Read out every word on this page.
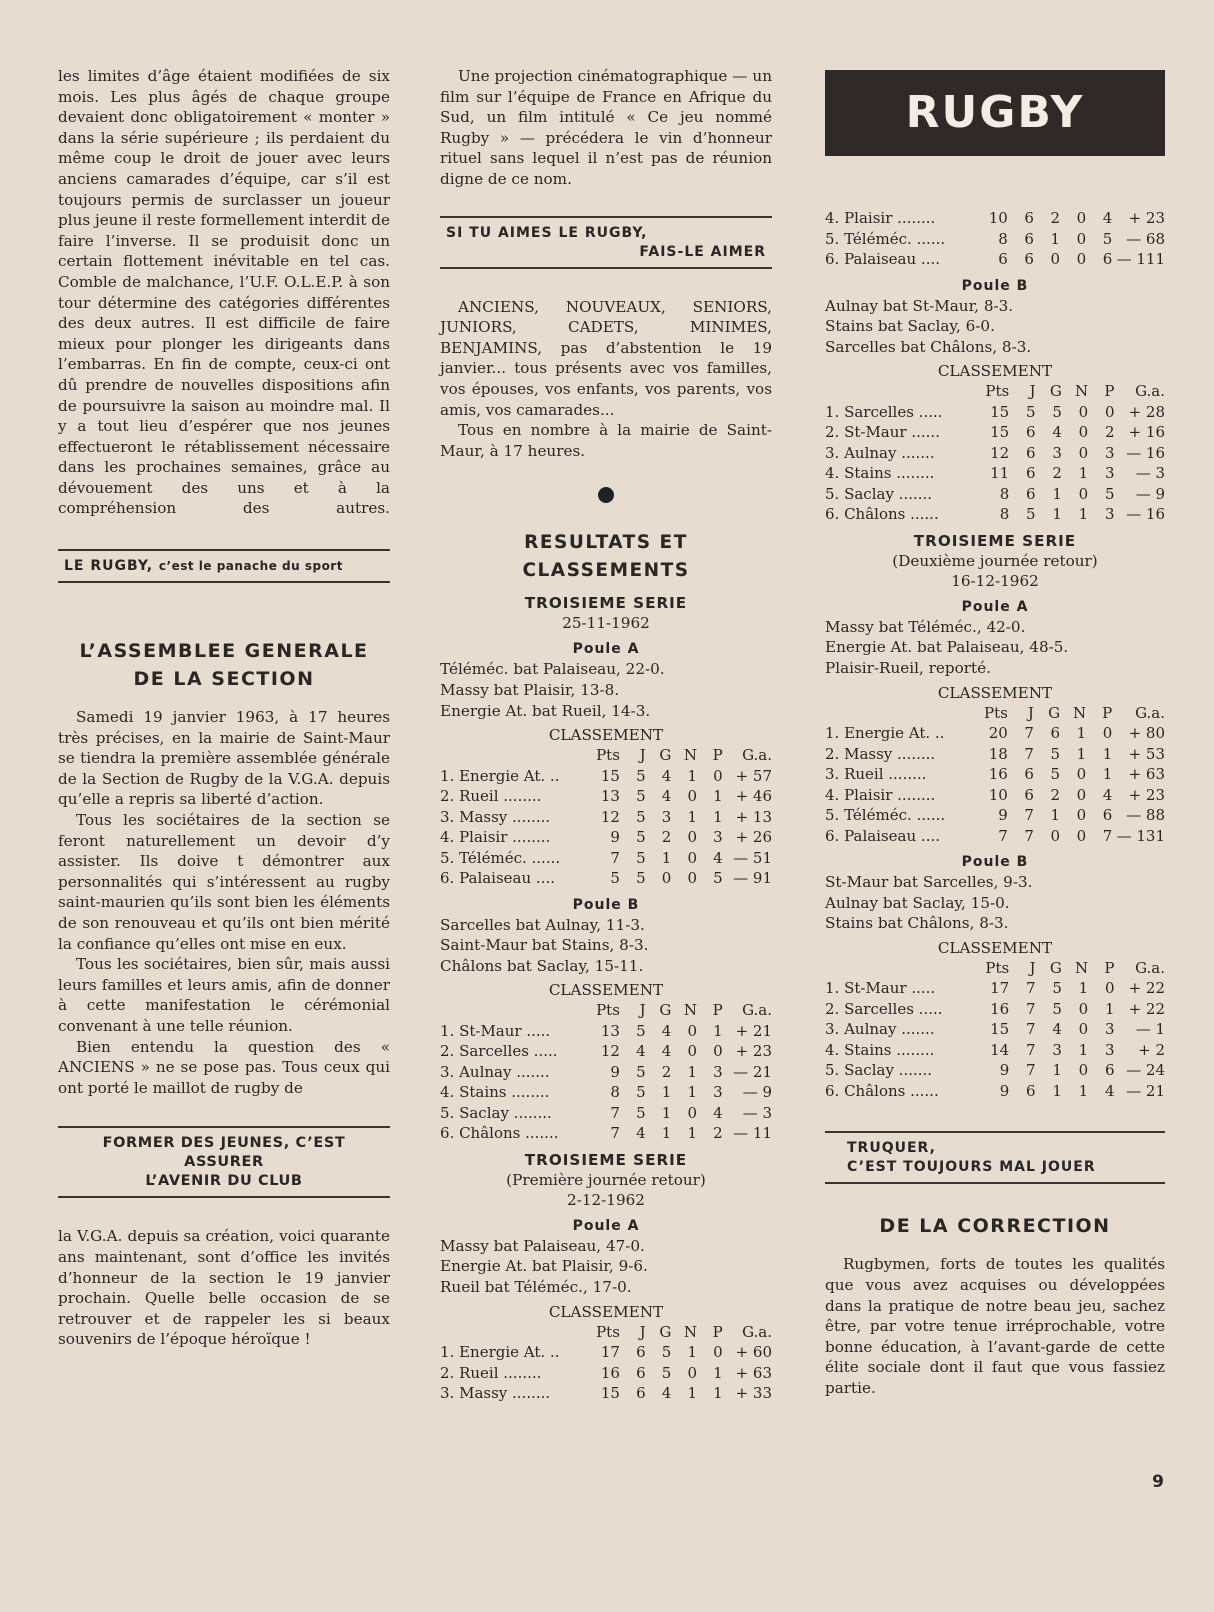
les limites d’âge étaient modifiées de six mois. Les plus âgés de chaque groupe devaient donc obligatoirement « monter » dans la série supérieure ; ils perdaient du même coup le droit de jouer avec leurs anciens camarades d’équipe, car s’il est toujours permis de surclasser un joueur plus jeune il reste formellement interdit de faire l’inverse. Il se produisit donc un certain flottement inévitable en tel cas. Comble de malchance, l’U.F. O.L.E.P. à son tour détermine des catégories différentes des deux autres. Il est difficile de faire mieux pour plonger les dirigeants dans l’embarras. En fin de compte, ceux-ci ont dû prendre de nouvelles dispositions afin de poursuivre la saison au moindre mal. Il y a tout lieu d’espérer que nos jeunes effectueront le rétablissement nécessaire dans les prochaines semaines, grâce au dévouement des uns et à la compréhension des autres.

LE RUGBY, c’est le panache du sport
L’ASSEMBLEE GENERALE
DE LA SECTION

Samedi 19 janvier 1963, à 17 heures très précises, en la mairie de Saint-Maur se tiendra la première assemblée générale de la Section de Rugby de la V.G.A. depuis qu’elle a repris sa liberté d’action.

Tous les sociétaires de la section se feront naturellement un devoir d’y assister. Ils doive t démontrer aux personnalités qui s’intéressent au rugby saint-maurien qu’ils sont bien les éléments de son renouveau et qu’ils ont bien mérité la confiance qu’elles ont mise en eux.

Tous les sociétaires, bien sûr, mais aussi leurs familles et leurs amis, afin de donner à cette manifestation le cérémonial convenant à une telle réunion.

Bien entendu la question des « ANCIENS » ne se pose pas. Tous ceux qui ont porté le maillot de rugby de

FORMER DES JEUNES, C’EST ASSURER
L’AVENIR DU CLUB

la V.G.A. depuis sa création, voici quarante ans maintenant, sont d’office les invités d’honneur de la section le 19 janvier prochain. Quelle belle occasion de se retrouver et de rappeler les si beaux souvenirs de l’époque héroïque !

Une projection cinématographique — un film sur l’équipe de France en Afrique du Sud, un film intitulé « Ce jeu nommé Rugby » — précédera le vin d’honneur rituel sans lequel il n’est pas de réunion digne de ce nom.

SI TU AIMES LE RUGBY,
FAIS-LE AIMER

ANCIENS, NOUVEAUX, SENIORS, JUNIORS, CADETS, MINIMES, BENJAMINS, pas d’abstention le 19 janvier... tous présents avec vos familles, vos épouses, vos enfants, vos parents, vos amis, vos camarades...

Tous en nombre à la mairie de Saint-Maur, à 17 heures.

RESULTATS ET CLASSEMENTS
TROISIEME SERIE
25-11-1962
Poule A
Téléméc. bat Palaiseau, 22-0.
Massy bat Plaisir, 13-8.
Energie At. bat Rueil, 14-3.
CLASSEMENT
	Pts	J	G	N	P	G.a.
1. Energie At. ..	15	5	4	1	0	+ 57
2. Rueil ........	13	5	4	0	1	+ 46
3. Massy ........	12	5	3	1	1	+ 13
4. Plaisir ........	9	5	2	0	3	+ 26
5. Téléméc. ......	7	5	1	0	4	— 51
6. Palaiseau ....	5	5	0	0	5	— 91
Poule B
Sarcelles bat Aulnay, 11-3.
Saint-Maur bat Stains, 8-3.
Châlons bat Saclay, 15-11.
CLASSEMENT
	Pts	J	G	N	P	G.a.
1. St-Maur .....	13	5	4	0	1	+ 21
2. Sarcelles .....	12	4	4	0	0	+ 23
3. Aulnay .......	9	5	2	1	3	— 21
4. Stains ........	8	5	1	1	3	— 9
5. Saclay ........	7	5	1	0	4	— 3
6. Châlons .......	7	4	1	1	2	— 11
TROISIEME SERIE
(Première journée retour)
2-12-1962
Poule A
Massy bat Palaiseau, 47-0.
Energie At. bat Plaisir, 9-6.
Rueil bat Téléméc., 17-0.
CLASSEMENT
	Pts	J	G	N	P	G.a.
1. Energie At. ..	17	6	5	1	0	+ 60
2. Rueil ........	16	6	5	0	1	+ 63
3. Massy ........	15	6	4	1	1	+ 33
RUGBY
4. Plaisir ........	10	6	2	0	4	+ 23
5. Téléméc. ......	8	6	1	0	5	— 68
6. Palaiseau ....	6	6	0	0	6	— 111
Poule B
Aulnay bat St-Maur, 8-3.
Stains bat Saclay, 6-0.
Sarcelles bat Châlons, 8-3.
CLASSEMENT
	Pts	J	G	N	P	G.a.
1. Sarcelles .....	15	5	5	0	0	+ 28
2. St-Maur ......	15	6	4	0	2	+ 16
3. Aulnay .......	12	6	3	0	3	— 16
4. Stains ........	11	6	2	1	3	— 3
5. Saclay .......	8	6	1	0	5	— 9
6. Châlons ......	8	5	1	1	3	— 16
TROISIEME SERIE
(Deuxième journée retour)
16-12-1962
Poule A
Massy bat Téléméc., 42-0.
Energie At. bat Palaiseau, 48-5.
Plaisir-Rueil, reporté.
CLASSEMENT
	Pts	J	G	N	P	G.a.
1. Energie At. ..	20	7	6	1	0	+ 80
2. Massy ........	18	7	5	1	1	+ 53
3. Rueil ........	16	6	5	0	1	+ 63
4. Plaisir ........	10	6	2	0	4	+ 23
5. Téléméc. ......	9	7	1	0	6	— 88
6. Palaiseau ....	7	7	0	0	7	— 131
Poule B
St-Maur bat Sarcelles, 9-3.
Aulnay bat Saclay, 15-0.
Stains bat Châlons, 8-3.
CLASSEMENT
	Pts	J	G	N	P	G.a.
1. St-Maur .....	17	7	5	1	0	+ 22
2. Sarcelles .....	16	7	5	0	1	+ 22
3. Aulnay .......	15	7	4	0	3	— 1
4. Stains ........	14	7	3	1	3	+ 2
5. Saclay .......	9	7	1	0	6	— 24
6. Châlons ......	9	6	1	1	4	— 21
TRUQUER,
C’EST TOUJOURS MAL JOUER
DE LA CORRECTION

Rugbymen, forts de toutes les qualités que vous avez acquises ou développées dans la pratique de notre beau jeu, sachez être, par votre tenue irréprochable, votre bonne éducation, à l’avant-garde de cette élite sociale dont il faut que vous fassiez partie.

9
